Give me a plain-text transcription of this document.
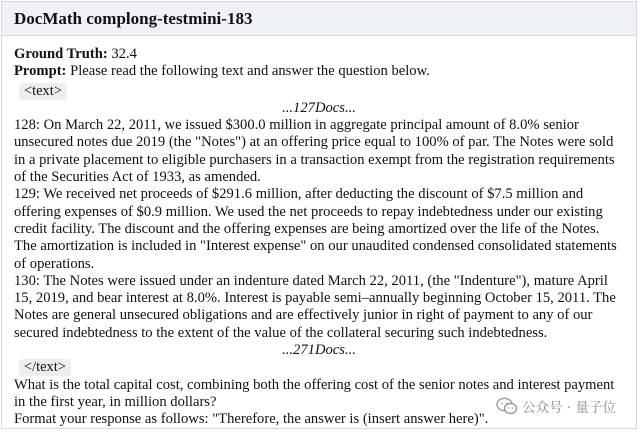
DocMath complong-testmini-183
Ground Truth: 32.4
Prompt: Please read the following text and answer the question below.
<text>
...127Docs...
128: On March 22, 2011, we issued $300.0 million in aggregate principal amount of 8.0% senior
unsecured notes due 2019 (the "Notes") at an offering price equal to 100% of par. The Notes were sold
in a private placement to eligible purchasers in a transaction exempt from the registration requirements
of the Securities Act of 1933, as amended.
129: We received net proceeds of $291.6 million, after deducting the discount of $7.5 million and
offering expenses of $0.9 million. We used the net proceeds to repay indebtedness under our existing
credit facility. The discount and the offering expenses are being amortized over the life of the Notes.
The amortization is included in "Interest expense" on our unaudited condensed consolidated statements
of operations.
130: The Notes were issued under an indenture dated March 22, 2011, (the "Indenture"), mature April
15, 2019, and bear interest at 8.0%. Interest is payable semi–annually beginning October 15, 2011. The
Notes are general unsecured obligations and are effectively junior in right of payment to any of our
secured indebtedness to the extent of the value of the collateral securing such indebtedness.
...271Docs...
</text>
What is the total capital cost, combining both the offering cost of the senior notes and interest payment
in the first year, in million dollars?
Format your response as follows: "Therefore, the answer is (insert answer here)".
公众号 · 量子位
